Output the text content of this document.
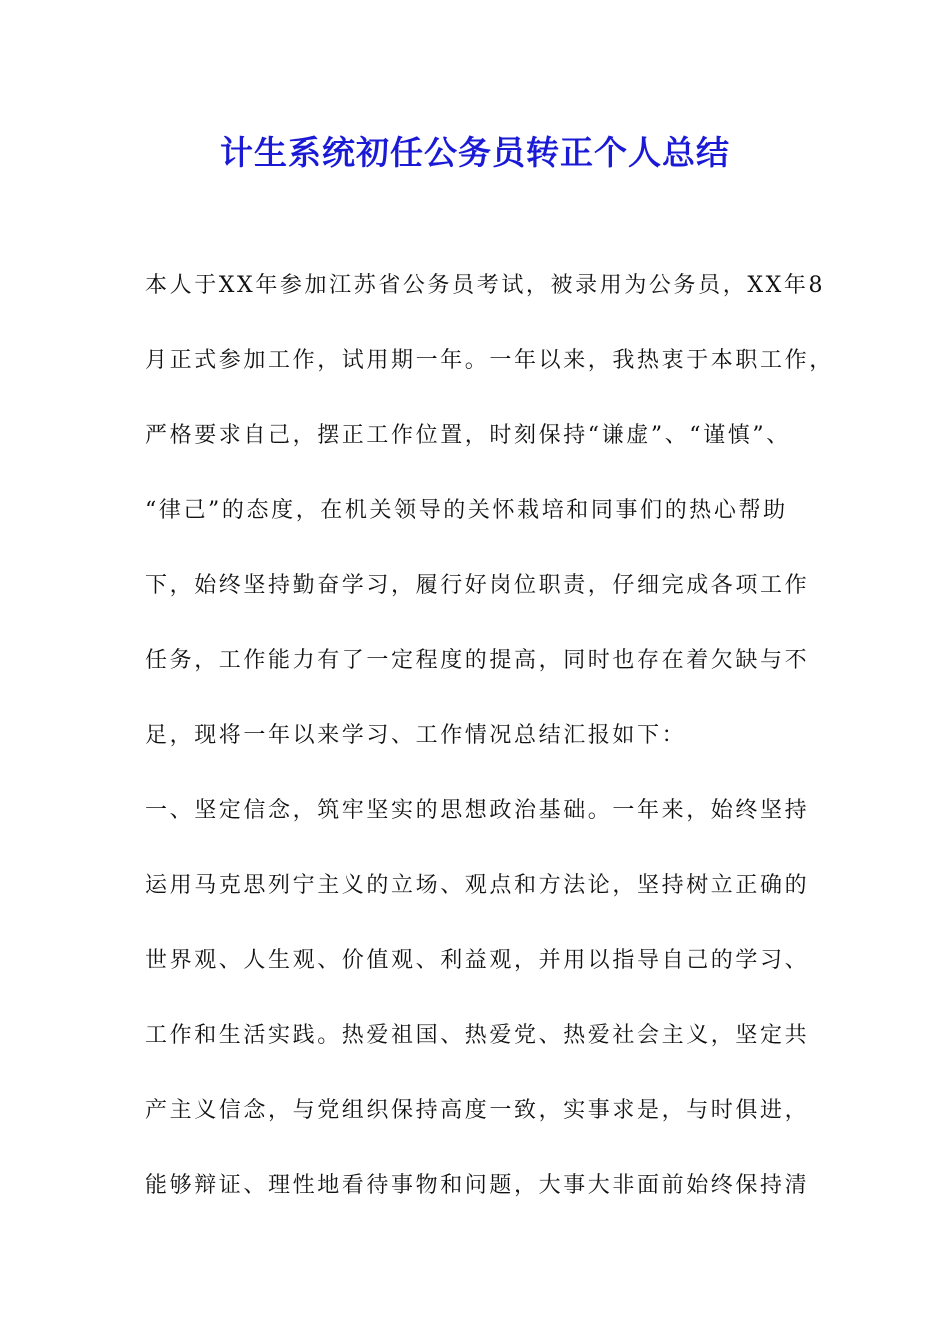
计生系统初任公务员转正个人总结
本人于XX年参加江苏省公务员考试，被录用为公务员，XX年8
月正式参加工作，试用期一年。一年以来，我热衷于本职工作，
严格要求自己，摆正工作位置，时刻保持“谦虚”、“谨慎”、
“律己”的态度，在机关领导的关怀栽培和同事们的热心帮助
下，始终坚持勤奋学习，履行好岗位职责，仔细完成各项工作
任务，工作能力有了一定程度的提高，同时也存在着欠缺与不
足，现将一年以来学习、工作情况总结汇报如下：
一、坚定信念，筑牢坚实的思想政治基础。一年来，始终坚持
运用马克思列宁主义的立场、观点和方法论，坚持树立正确的
世界观、人生观、价值观、利益观，并用以指导自己的学习、
工作和生活实践。热爱祖国、热爱党、热爱社会主义，坚定共
产主义信念，与党组织保持高度一致，实事求是，与时俱进，
能够辩证、理性地看待事物和问题，大事大非面前始终保持清
